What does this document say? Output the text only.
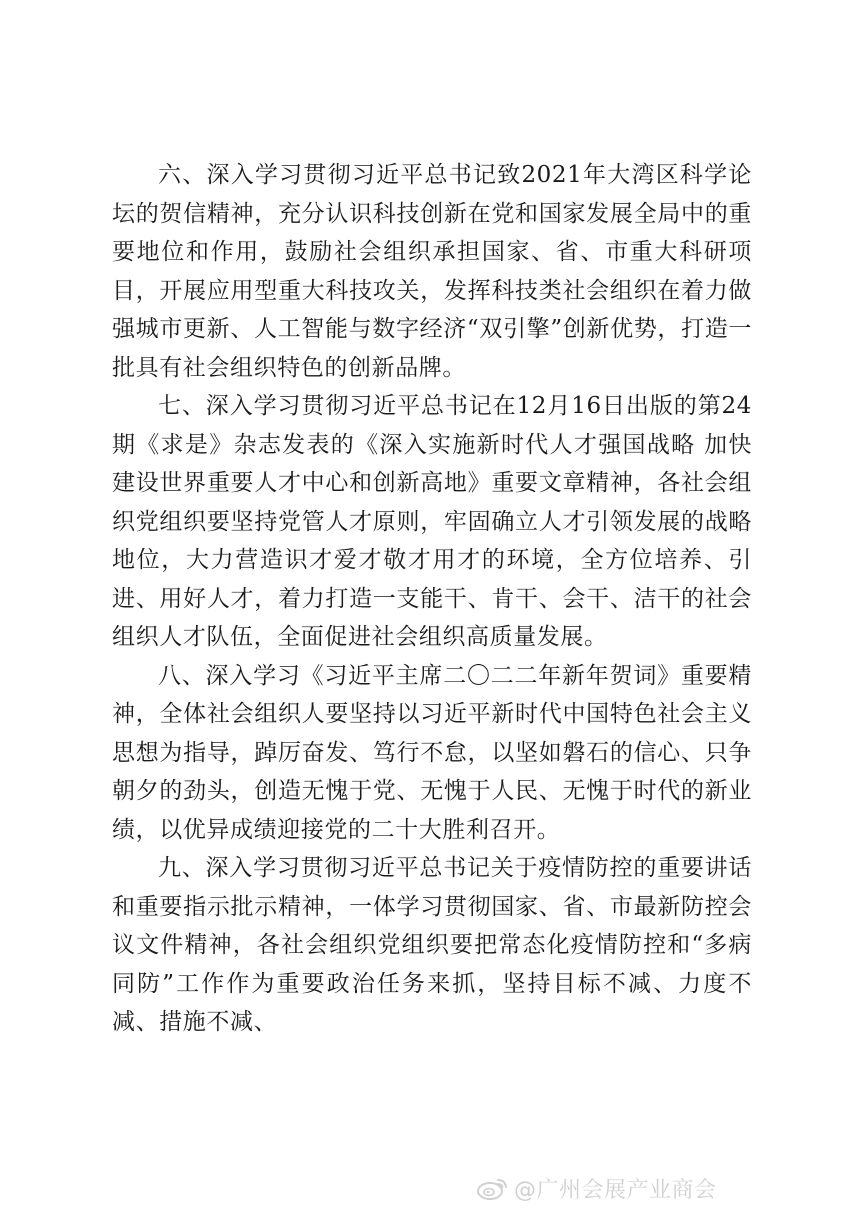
六、深入学习贯彻习近平总书记致2021年大湾区科学论坛的贺信精神，充分认识科技创新在党和国家发展全局中的重要地位和作用，鼓励社会组织承担国家、省、市重大科研项目，开展应用型重大科技攻关，发挥科技类社会组织在着力做强城市更新、人工智能与数字经济“双引擎”创新优势，打造一批具有社会组织特色的创新品牌。

七、深入学习贯彻习近平总书记在12月16日出版的第24期《求是》杂志发表的《深入实施新时代人才强国战略 加快建设世界重要人才中心和创新高地》重要文章精神，各社会组织党组织要坚持党管人才原则，牢固确立人才引领发展的战略地位，大力营造识才爱才敬才用才的环境，全方位培养、引进、用好人才，着力打造一支能干、肯干、会干、洁干的社会组织人才队伍，全面促进社会组织高质量发展。

八、深入学习《习近平主席二〇二二年新年贺词》重要精神，全体社会组织人要坚持以习近平新时代中国特色社会主义思想为指导，踔厉奋发、笃行不怠，以坚如磐石的信心、只争朝夕的劲头，创造无愧于党、无愧于人民、无愧于时代的新业绩，以优异成绩迎接党的二十大胜利召开。

九、深入学习贯彻习近平总书记关于疫情防控的重要讲话和重要指示批示精神，一体学习贯彻国家、省、市最新防控会议文件精神，各社会组织党组织要把常态化疫情防控和“多病同防”工作作为重要政治任务来抓，坚持目标不减、力度不减、措施不减、

@广州会展产业商会
